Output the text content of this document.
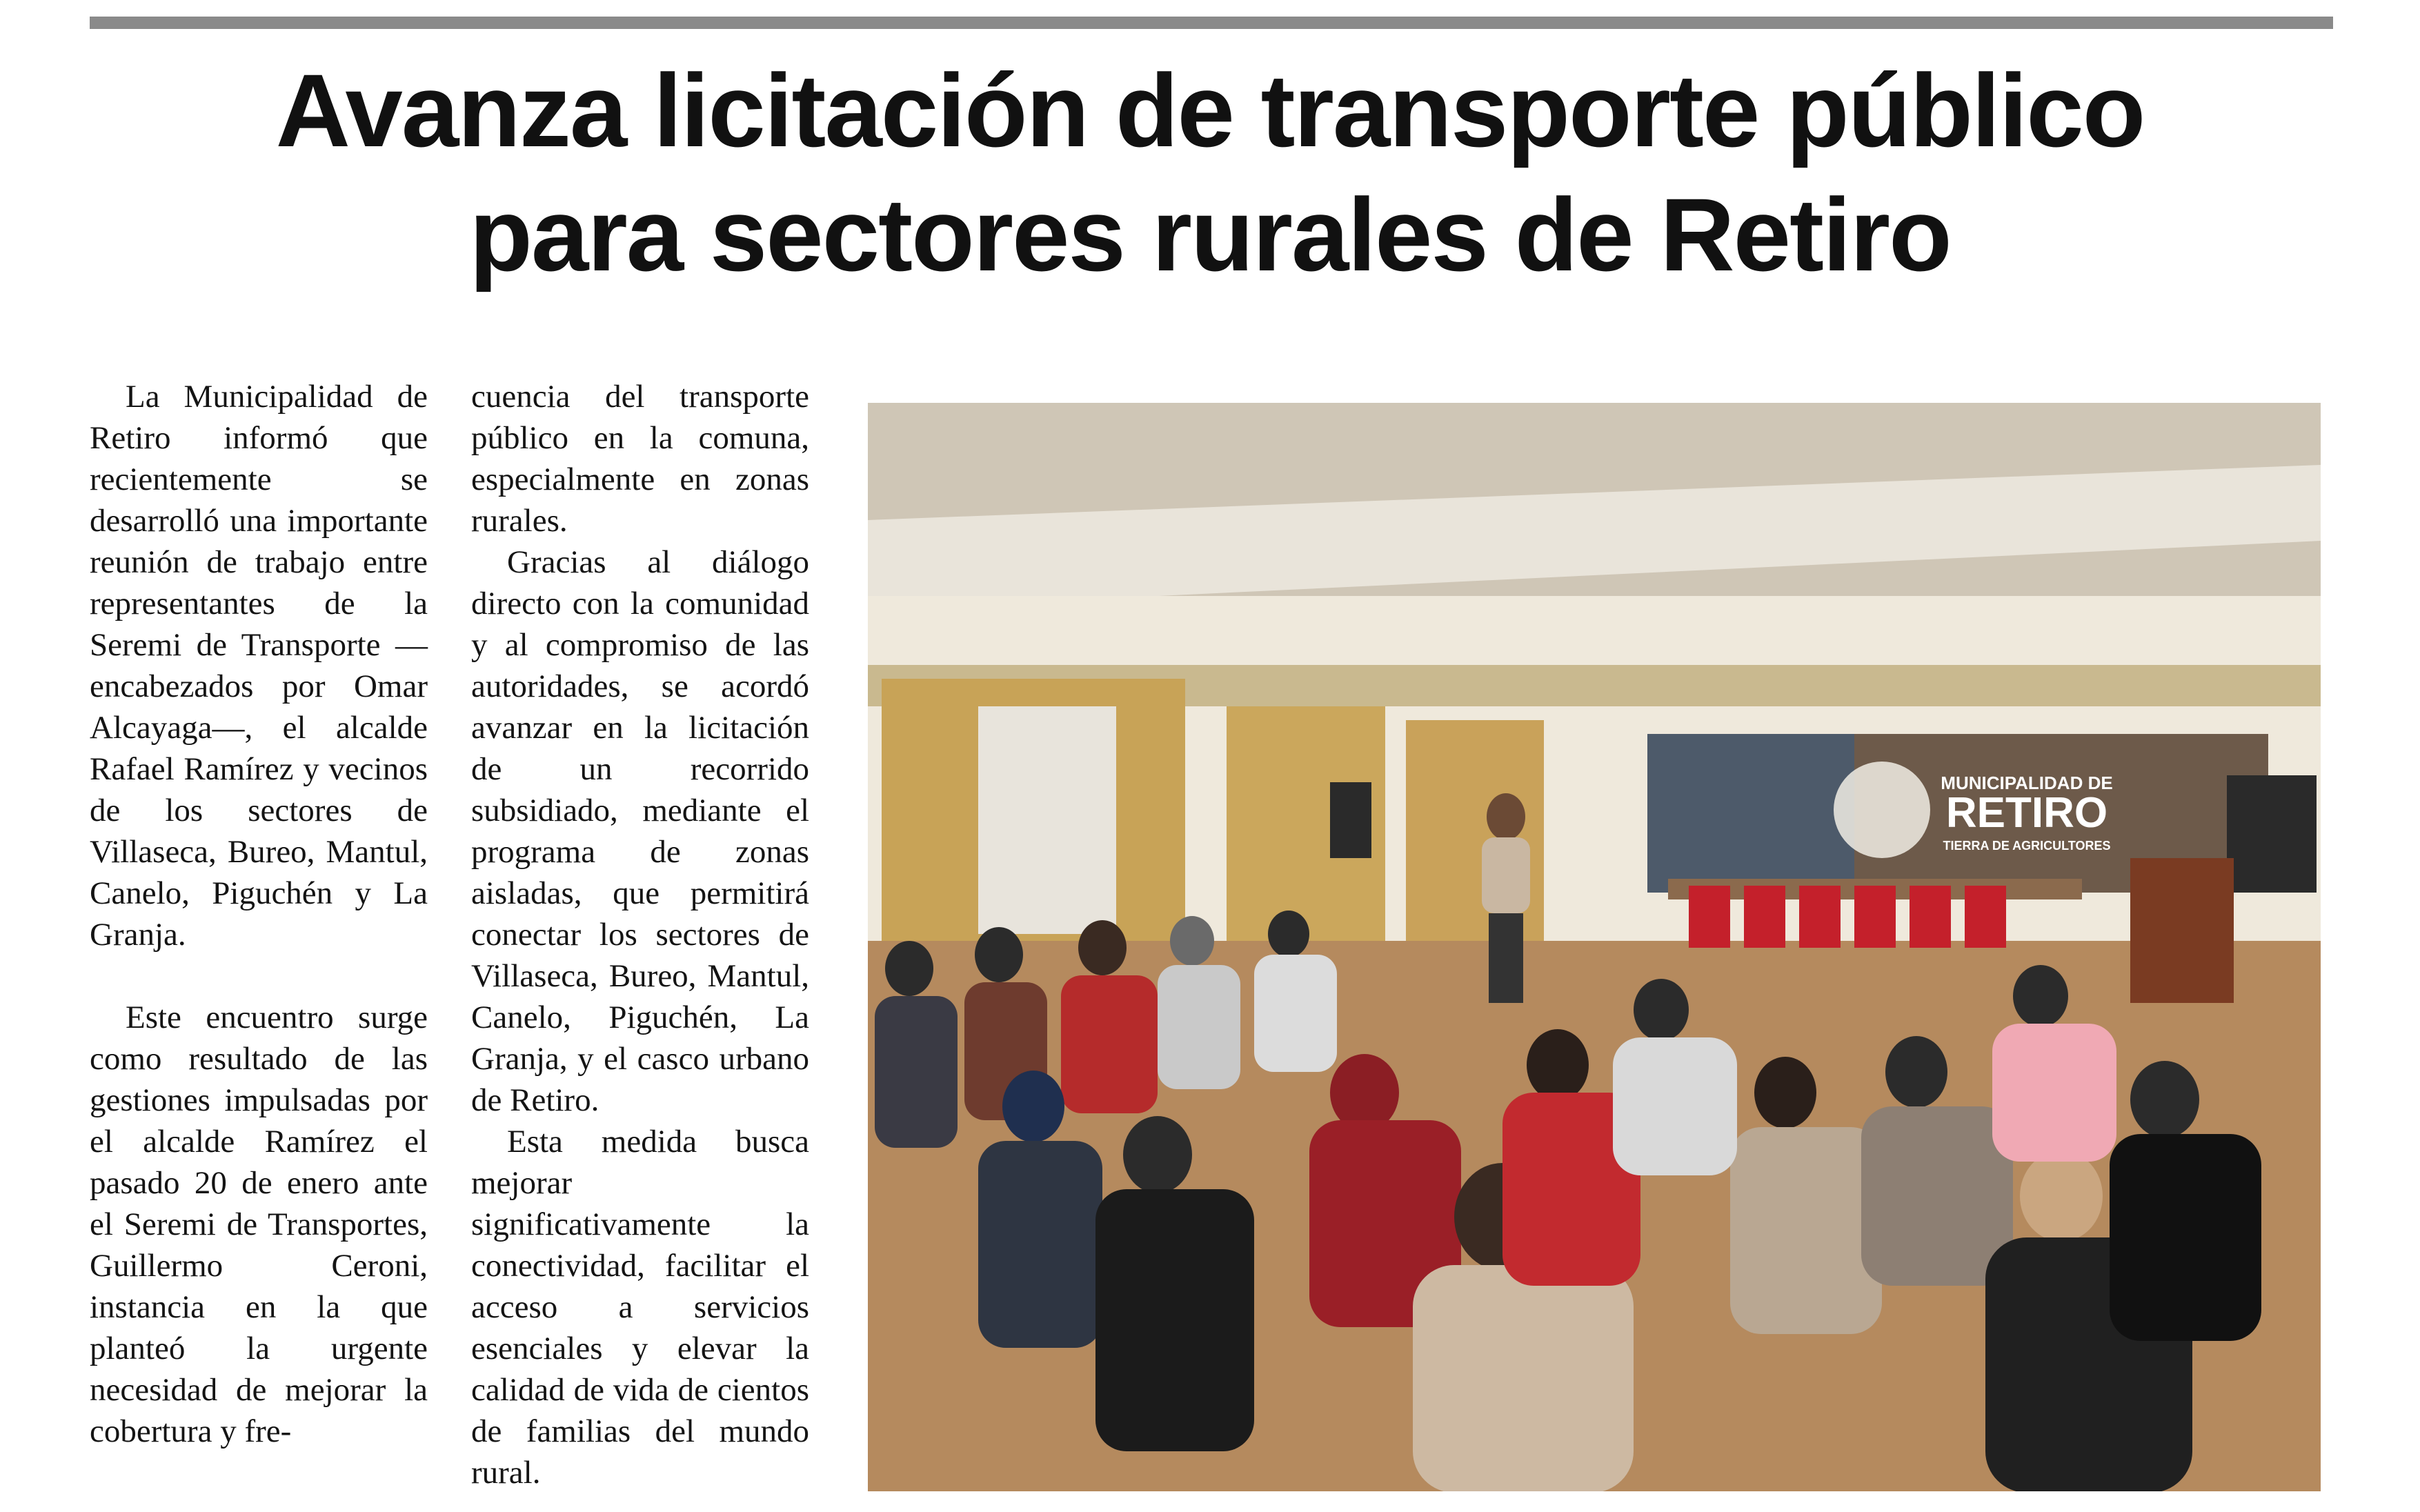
Avanza licitación de transporte público
para sectores rurales de Retiro

La Municipalidad de Retiro informó que recientemente se desarrolló una importante reunión de trabajo entre representantes de la Seremi de Transporte —encabezados por Omar Alcayaga—, el alcalde Rafael Ramírez y vecinos de los sectores de Villaseca, Bureo, Mantul, Canelo, Piguchén y La Granja.

Este encuentro surge como resultado de las gestiones impulsadas por el alcalde Ramírez el pasado 20 de enero ante el Seremi de Transportes, Guillermo Ceroni, instancia en la que planteó la urgente necesidad de mejorar la cobertura y fre-

cuencia del transporte público en la comuna, especialmente en zonas rurales.

Gracias al diálogo directo con la comunidad y al compromiso de las autoridades, se acordó avanzar en la licitación de un recorrido subsidiado, mediante el programa de zonas aisladas, que permitirá conectar los sectores de Villaseca, Bureo, Mantul, Canelo, Piguchén, La Granja, y el casco urbano de Retiro.

Esta medida busca mejorar significativamente la conectividad, facilitar el acceso a servicios esenciales y elevar la calidad de vida de cientos de familias del mundo rural.

MUNICIPALIDAD DE
RETIRO
TIERRA DE AGRICULTORES
